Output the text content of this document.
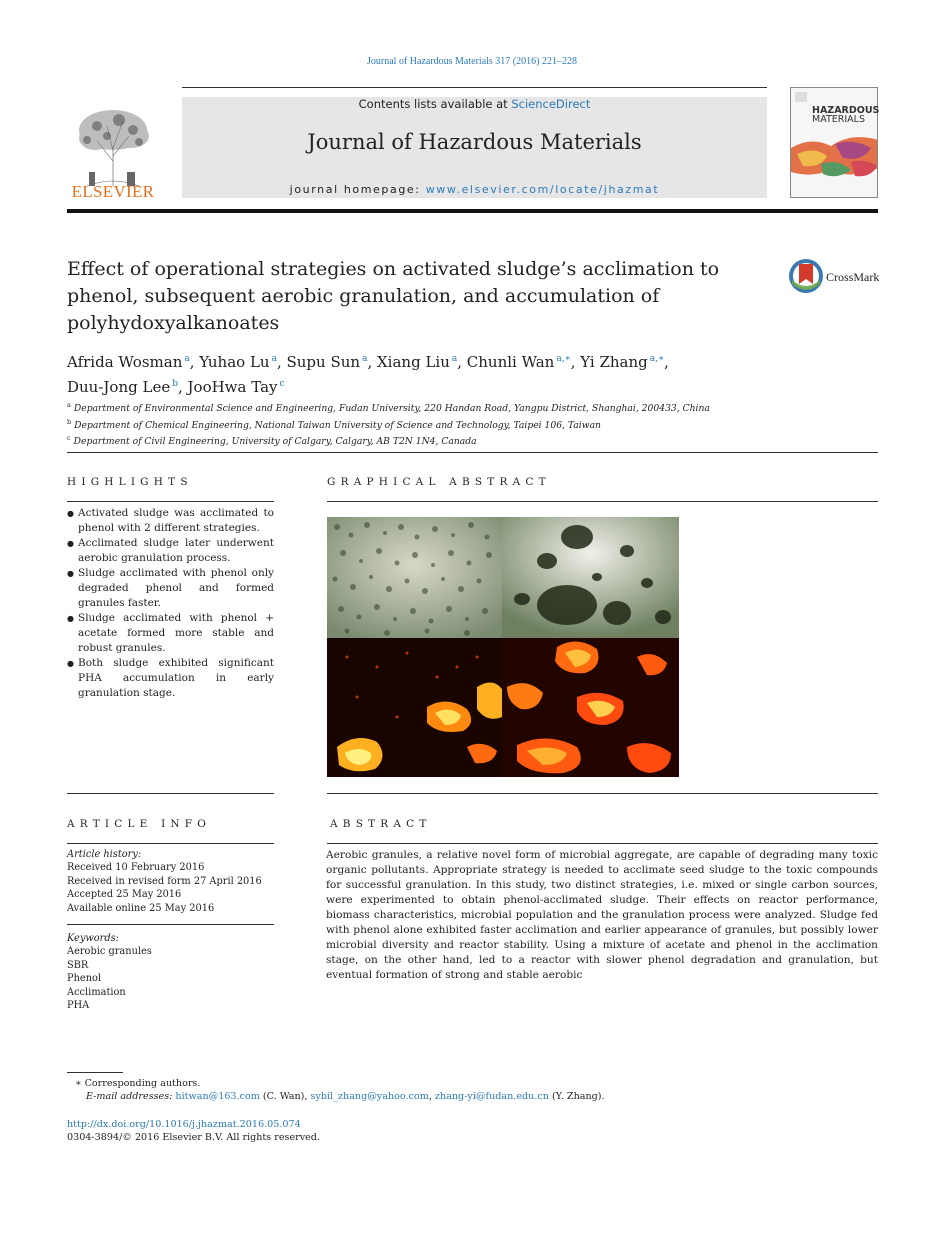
Journal of Hazardous Materials 317 (2016) 221–228
ELSEVIER
Contents lists available at ScienceDirect
Journal of Hazardous Materials
journal homepage: www.elsevier.com/locate/jhazmat
HAZARDOUS
MATERIALS
Effect of operational strategies on activated sludge’s acclimation to phenol, subsequent aerobic granulation, and accumulation of polyhydoxyalkanoates
CrossMark
Afrida Wosman $^a$, Yuhao Lu $^a$, Supu Sun $^a$, Xiang Liu $^a$, Chunli Wan $^{a,∗}$, Yi Zhang $^{a,∗}$,
Duu-Jong Lee $^b$, JooHwa Tay $^c$
$^a$ Department of Environmental Science and Engineering, Fudan University, 220 Handan Road, Yangpu District, Shanghai, 200433, China
$^b$ Department of Chemical Engineering, National Taiwan University of Science and Technology, Taipei 106, Taiwan
$^c$ Department of Civil Engineering, University of Calgary, Calgary, AB T2N 1N4, Canada
HIGHLIGHTS
● Activated sludge was acclimated to phenol with 2 different strategies.
● Acclimated sludge later underwent aerobic granulation process.
● Sludge acclimated with phenol only degraded phenol and formed granules faster.
● Sludge acclimated with phenol + acetate formed more stable and robust granules.
● Both sludge exhibited significant PHA accumulation in early granulation stage.
GRAPHICAL ABSTRACT
ARTICLE INFO	ABSTRACT
Article history:
Received 10 February 2016
Received in revised form 27 April 2016
Accepted 25 May 2016
Available online 25 May 2016
Keywords:
Aerobic granules
SBR
Phenol
Acclimation
PHA
Aerobic granules, a relative novel form of microbial aggregate, are capable of degrading many toxic organic pollutants. Appropriate strategy is needed to acclimate seed sludge to the toxic compounds for successful granulation. In this study, two distinct strategies, i.e. mixed or single carbon sources, were experimented to obtain phenol-acclimated sludge. Their effects on reactor performance, biomass characteristics, microbial population and the granulation process were analyzed. Sludge fed with phenol alone exhibited faster acclimation and earlier appearance of granules, but possibly lower microbial diversity and reactor stability. Using a mixture of acetate and phenol in the acclimation stage, on the other hand, led to a reactor with slower phenol degradation and granulation, but eventual formation of strong and stable aerobic
∗ Corresponding authors.
E-mail addresses: hitwan@163.com (C. Wan), sybil_zhang@yahoo.com, zhang-yi@fudan.edu.cn (Y. Zhang).
http://dx.doi.org/10.1016/j.jhazmat.2016.05.074
0304-3894/© 2016 Elsevier B.V. All rights reserved.
